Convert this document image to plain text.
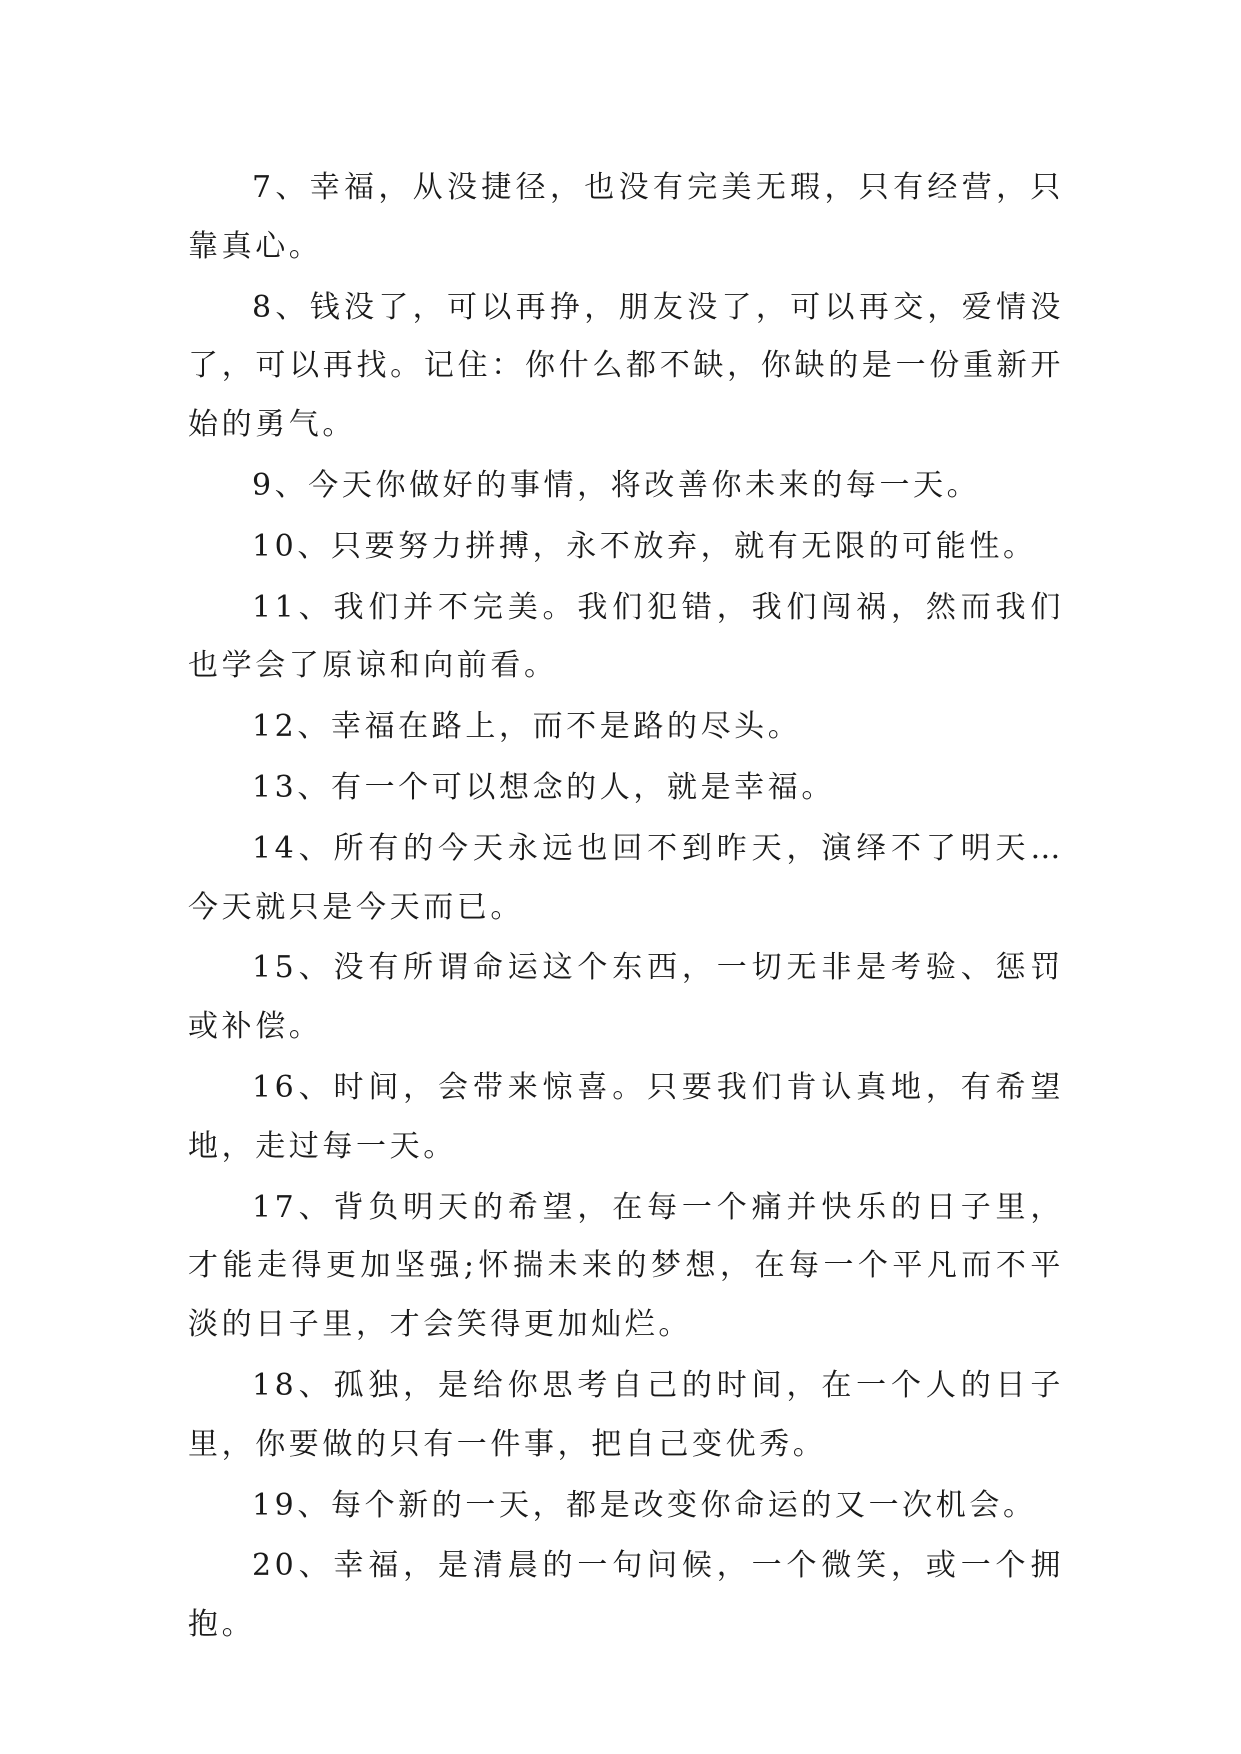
7、幸福，从没捷径，也没有完美无瑕，只有经营，只靠真心。

8、钱没了，可以再挣，朋友没了，可以再交，爱情没了，可以再找。记住：你什么都不缺，你缺的是一份重新开始的勇气。

9、今天你做好的事情，将改善你未来的每一天。

10、只要努力拼搏，永不放弃，就有无限的可能性。

11、我们并不完美。我们犯错，我们闯祸，然而我们也学会了原谅和向前看。

12、幸福在路上，而不是路的尽头。

13、有一个可以想念的人，就是幸福。

14、所有的今天永远也回不到昨天，演绎不了明天…今天就只是今天而已。

15、没有所谓命运这个东西，一切无非是考验、惩罚或补偿。

16、时间，会带来惊喜。只要我们肯认真地，有希望地，走过每一天。

17、背负明天的希望，在每一个痛并快乐的日子里，才能走得更加坚强;怀揣未来的梦想，在每一个平凡而不平淡的日子里，才会笑得更加灿烂。

18、孤独，是给你思考自己的时间，在一个人的日子里，你要做的只有一件事，把自己变优秀。

19、每个新的一天，都是改变你命运的又一次机会。

20、幸福，是清晨的一句问候，一个微笑，或一个拥抱。
